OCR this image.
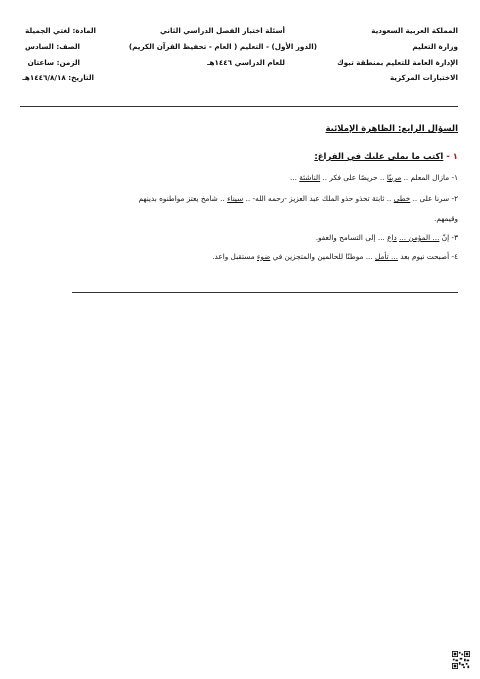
المملكة العربية السعودية
وزارة التعليم
الإدارة العامة للتعليم بمنطقة تبوك
الاختبارات المركزية
أسئلة اختبار الفصل الدراسي الثاني
(الدور الأول) - التعليم ( العام - تحفيظ القرآن الكريم)
للعام الدراسي ١٤٤٦هـ
المادة: لغتي الجميلة
الصف: السادس
الزمن: ساعتان
التاريخ: ١٤٤٦/٨/١٨هـ
السؤال الرابع: الظاهرة الإملائية
١ - اكتب ما يملى عليك في الفراغ:
١- مازال المعلم .. مربيًا .. حريصًا على فكر .. الناشئة ...
٢- سرنا على .. خطى .. ثابتة تحذو حذو الملك عبد العزيز -رحمه الله- .. سيناء .. شامخ يعتز مواطنوه بدينهم
وقيمهم.
٣- إنّ ... المؤمن ... داع ... إلى التسامح والعفو.
٤- أصبحت نيوم بعد ... تأمل ... موطنًا للحالمين والمتجزين في ضوء مستقبل واعد.
